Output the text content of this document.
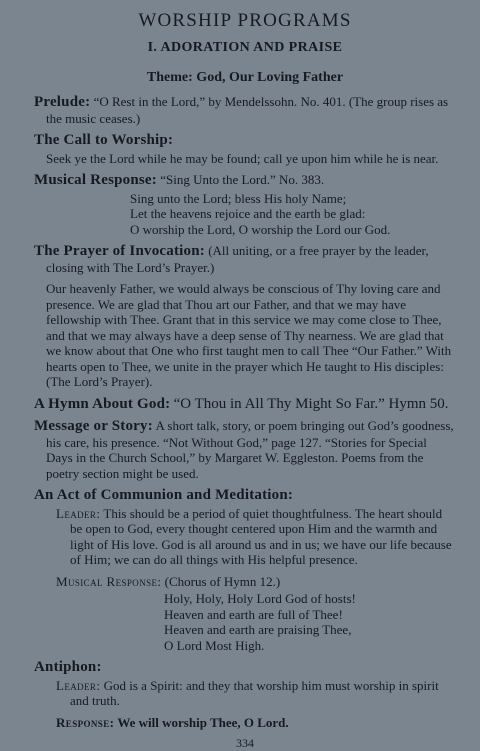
WORSHIP PROGRAMS
I. ADORATION AND PRAISE
Theme: God, Our Loving Father
Prelude: “O Rest in the Lord,” by Mendelssohn. No. 401. (The group rises as the music ceases.)
The Call to Worship:
Seek ye the Lord while he may be found; call ye upon him while he is near.
Musical Response: “Sing Unto the Lord.” No. 383.
Sing unto the Lord; bless His holy Name;
Let the heavens rejoice and the earth be glad:
O worship the Lord, O worship the Lord our God.
The Prayer of Invocation: (All uniting, or a free prayer by the leader, closing with The Lord’s Prayer.)
Our heavenly Father, we would always be conscious of Thy loving care and presence. We are glad that Thou art our Father, and that we may have fellowship with Thee. Grant that in this service we may come close to Thee, and that we may always have a deep sense of Thy nearness. We are glad that we know about that One who first taught men to call Thee “Our Father.” With hearts open to Thee, we unite in the prayer which He taught to His disciples: (The Lord’s Prayer).
A Hymn About God: “O Thou in All Thy Might So Far.” Hymn 50.
Message or Story: A short talk, story, or poem bringing out God’s goodness, his care, his presence. “Not Without God,” page 127. “Stories for Special Days in the Church School,” by Margaret W. Eggleston. Poems from the poetry section might be used.
An Act of Communion and Meditation:
Leader: This should be a period of quiet thoughtfulness. The heart should be open to God, every thought centered upon Him and the warmth and light of His love. God is all around us and in us; we have our life because of Him; we can do all things with His helpful presence.
Musical Response: (Chorus of Hymn 12.)
Holy, Holy, Holy Lord God of hosts!
Heaven and earth are full of Thee!
Heaven and earth are praising Thee,
O Lord Most High.
Antiphon:
Leader: God is a Spirit: and they that worship him must worship in spirit and truth.
Response: We will worship Thee, O Lord.
334
